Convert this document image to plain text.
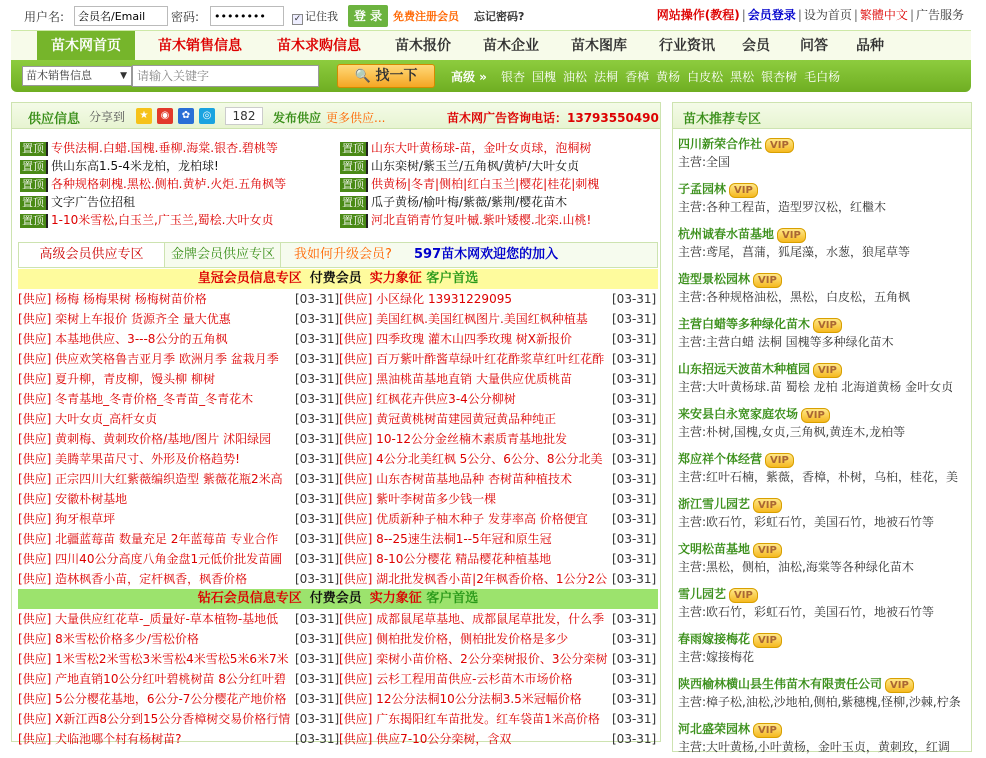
用户名:
会员名/Email	密码:
••••••••	✓ 记住我	登 录 免费注册会员 忘记密码?	网站操作(教程) | 会员登录 | 设为首页 | 繁體中文 | 广告服务
苗木网首页	苗木销售信息	苗木求购信息	苗木报价	苗木企业	苗木图库	行业资讯	会员	问答	品种
苗木销售信息	▼ 请输入关键字	🔍 找一下	高级 » 银杏 国槐 油松 法桐 香樟 黄杨 白皮松 黑松 银杏树 毛白杨
供应信息 分享到	★	◉	✿	◎	182	发布供应 更多供应...	苗木网广告咨询电话：13793550490
置顶 专供法桐.白蜡.国槐.垂柳.海棠.银杏.碧桃等
置顶 供山东高1.5-4米龙柏，龙柏球!
置顶 各种规格刺槐.黑松.侧柏.黄栌.火炬.五角枫等
置顶 文字广告位招租
置顶 1-10米雪松,白玉兰,广玉兰,蜀桧.大叶女贞
置顶 山东大叶黄杨球-苗，金叶女贞球，泡桐树
置顶 山东栾树/紫玉兰/五角枫/黄栌/大叶女贞
置顶 供黄杨|冬青|侧柏|红白玉兰|樱花|桂花|刺槐
置顶 瓜子黄杨/榆叶梅/紫薇/紫荆/樱花苗木
置顶 河北直销青竹复叶槭.紫叶矮樱.北栾.山桃!
高级会员供应专区	金牌会员供应专区	我如何升级会员? 597苗木网欢迎您的加入
皇冠会员信息专区 付费会员 实力象征 客户首选
[供应] 杨梅 杨梅果树 杨梅树苗价格	[03-31] [供应] 小区绿化 13931229095	[03-31]
[供应] 栾树上车报价 货源齐全 量大优惠	[03-31] [供应] 美国红枫.美国红枫图片.美国红枫种植基	[03-31]
[供应] 本基地供应、3---8公分的五角枫	[03-31] [供应] 四季玫瑰 灌木山四季玫瑰 树X新报价	[03-31]
[供应] 供应欢笑格鲁吉亚月季 欧洲月季 盆栽月季	[03-31] [供应] 百万紫叶酢酱草绿叶红花酢浆草红叶红花酢 [03-31]
[供应] 夏升柳，青皮柳，馒头柳 柳树	[03-31] [供应] 黑油桃苗基地直销 大量供应优质桃苗	[03-31]
[供应] 冬青基地_冬青价格_冬青苗_冬青花木	[03-31] [供应] 红枫花卉供应3-4公分柳树	[03-31]
[供应] 大叶女贞_高杆女贞	[03-31] [供应] 黄冠黄桃树苗建园黄冠黄品种纯正	[03-31]
[供应] 黄刺梅、黄刺玫价格/基地/图片 沭阳绿园	[03-31] [供应] 10-12公分金丝楠木素质青基地批发	[03-31]
[供应] 美腾苹果苗尺寸、外形及价格趋势!	[03-31] [供应] 4公分北美红枫 5公分、6公分、8公分北美 [03-31]
[供应] 正宗四川大红紫薇编织造型 紫薇花瓶2米高	[03-31] [供应] 山东杏树苗基地品种 杏树苗种植技术	[03-31]
[供应] 安徽朴树基地	[03-31] [供应] 紫叶李树苗多少钱一棵	[03-31]
[供应] 狗牙根草坪	[03-31] [供应] 优质新种子柚木种子 发芽率高 价格便宜	[03-31]
[供应] 北疆蓝莓苗 数量充足 2年蓝莓苗 专业合作	[03-31] [供应] 8--25速生法桐1--5年冠和原生冠	[03-31]
[供应] 四川40公分高度八角金盘1元低价批发苗圃	[03-31] [供应] 8-10公分樱花 精品樱花种植基地	[03-31]
[供应] 造林枫香小苗，定杆枫香，枫香价格	[03-31] [供应] 湖北批发枫香小苗|2年枫香价格、1公分2公 [03-31]
钻石会员信息专区 付费会员 实力象征 客户首选
[供应] 大量供应红花草-_质量好-草本植物-基地低	[03-31] [供应] 成都鼠尾草基地、成都鼠尾草批发，什么季 [03-31]
[供应] 8米雪松价格多少/雪松价格	[03-31] [供应] 侧柏批发价格，侧柏批发价格是多少	[03-31]
[供应] 1米雪松2米雪松3米雪松4米雪松5米6米7米 [03-31] [供应] 栾树小苗价格、2公分栾树报价、3公分栾树 [03-31]
[供应] 产地直销10公分红叶碧桃树苗 8公分红叶碧 [03-31] [供应] 云杉工程用苗供应-云杉苗木市场价格	[03-31]
[供应] 5公分樱花基地，6公分-7公分樱花产地价格 [03-31] [供应] 12公分法桐10公分法桐3.5米冠幅价格	[03-31]
[供应] X新江西8公分到15公分香樟树交易价格行情 [03-31] [供应] 广东揭阳红车苗批发。红车袋苗1米高价格	[03-31]
[供应] 犬临池哪个村有杨树苗?	[03-31] [供应] 供应7-10公分栾树，含双	[03-31]
苗木推荐专区
四川新荣合作社 VIP
主营:全国
子孟园林 VIP
主营:各种工程苗，造型罗汉松，红檵木
杭州诚春水苗基地 VIP
主营:鸢尾，菖蒲，狐尾藻，水葱，狼尾草等
造型景松园林 VIP
主营:各种规格油松，黑松，白皮松，五角枫
主营白蜡等多种绿化苗木 VIP
主营:主营白蜡 法桐 国槐等多种绿化苗木
山东招远天波苗木种植园 VIP
主营:大叶黄杨球.苗 蜀桧 龙柏 北海道黄杨 金叶女贞
来安县白永宽家庭农场 VIP
主营:朴树,国槐,女贞,三角枫,黄连木,龙柏等
郑应祥个体经营 VIP
主营:红叶石楠，紫薇，香樟，朴树，乌桕，桂花，美
浙江雪儿园艺 VIP
主营:欧石竹，彩虹石竹，美国石竹，地被石竹等
文明松苗基地 VIP
主营:黑松，侧柏，油松,海棠等各种绿化苗木
雪儿园艺 VIP
主营:欧石竹，彩虹石竹，美国石竹，地被石竹等
春雨嫁接梅花 VIP
主营:嫁接梅花
陕西榆林横山县生伟苗木有限责任公司 VIP
主营:樟子松,油松,沙地柏,侧柏,紫穗槐,怪柳,沙棘,柠条
河北盛荣园林 VIP
主营:大叶黄杨,小叶黄杨，金叶玉贞，黄刺玫，红调
